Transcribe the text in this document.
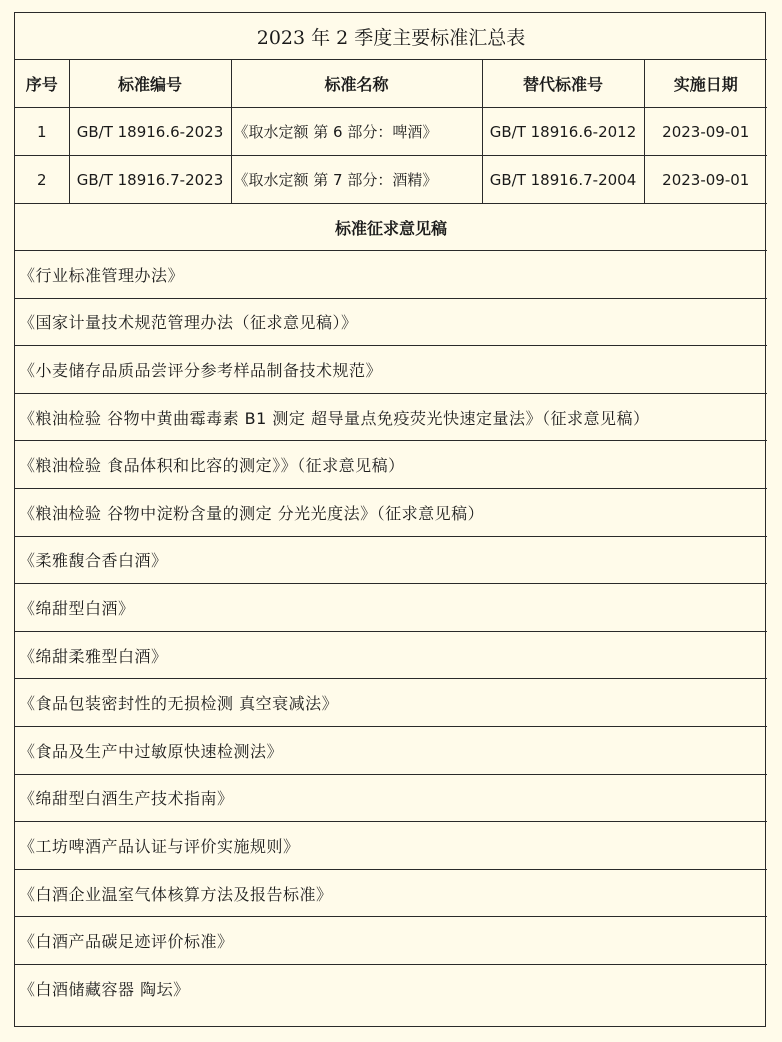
2023 年 2 季度主要标准汇总表				
序号	标准编号	标准名称	替代标准号	实施日期
1	GB/T 18916.6-2023	《取水定额 第 6 部分：啤酒》	GB/T 18916.6-2012	2023-09-01
2	GB/T 18916.7-2023	《取水定额 第 7 部分：酒精》	GB/T 18916.7-2004	2023-09-01
标准征求意见稿				
《行业标准管理办法》				
《国家计量技术规范管理办法（征求意见稿）》				
《小麦储存品质品尝评分参考样品制备技术规范》				
《粮油检验 谷物中黄曲霉毒素 B1 测定 超导量点免疫荧光快速定量法》（征求意见稿）				
《粮油检验 食品体积和比容的测定》》（征求意见稿）				
《粮油检验 谷物中淀粉含量的测定 分光光度法》（征求意见稿）				
《柔雅馥合香白酒》				
《绵甜型白酒》				
《绵甜柔雅型白酒》				
《食品包装密封性的无损检测 真空衰减法》				
《食品及生产中过敏原快速检测法》				
《绵甜型白酒生产技术指南》				
《工坊啤酒产品认证与评价实施规则》				
《白酒企业温室气体核算方法及报告标准》				
《白酒产品碳足迹评价标准》				
《白酒储藏容器 陶坛》				
